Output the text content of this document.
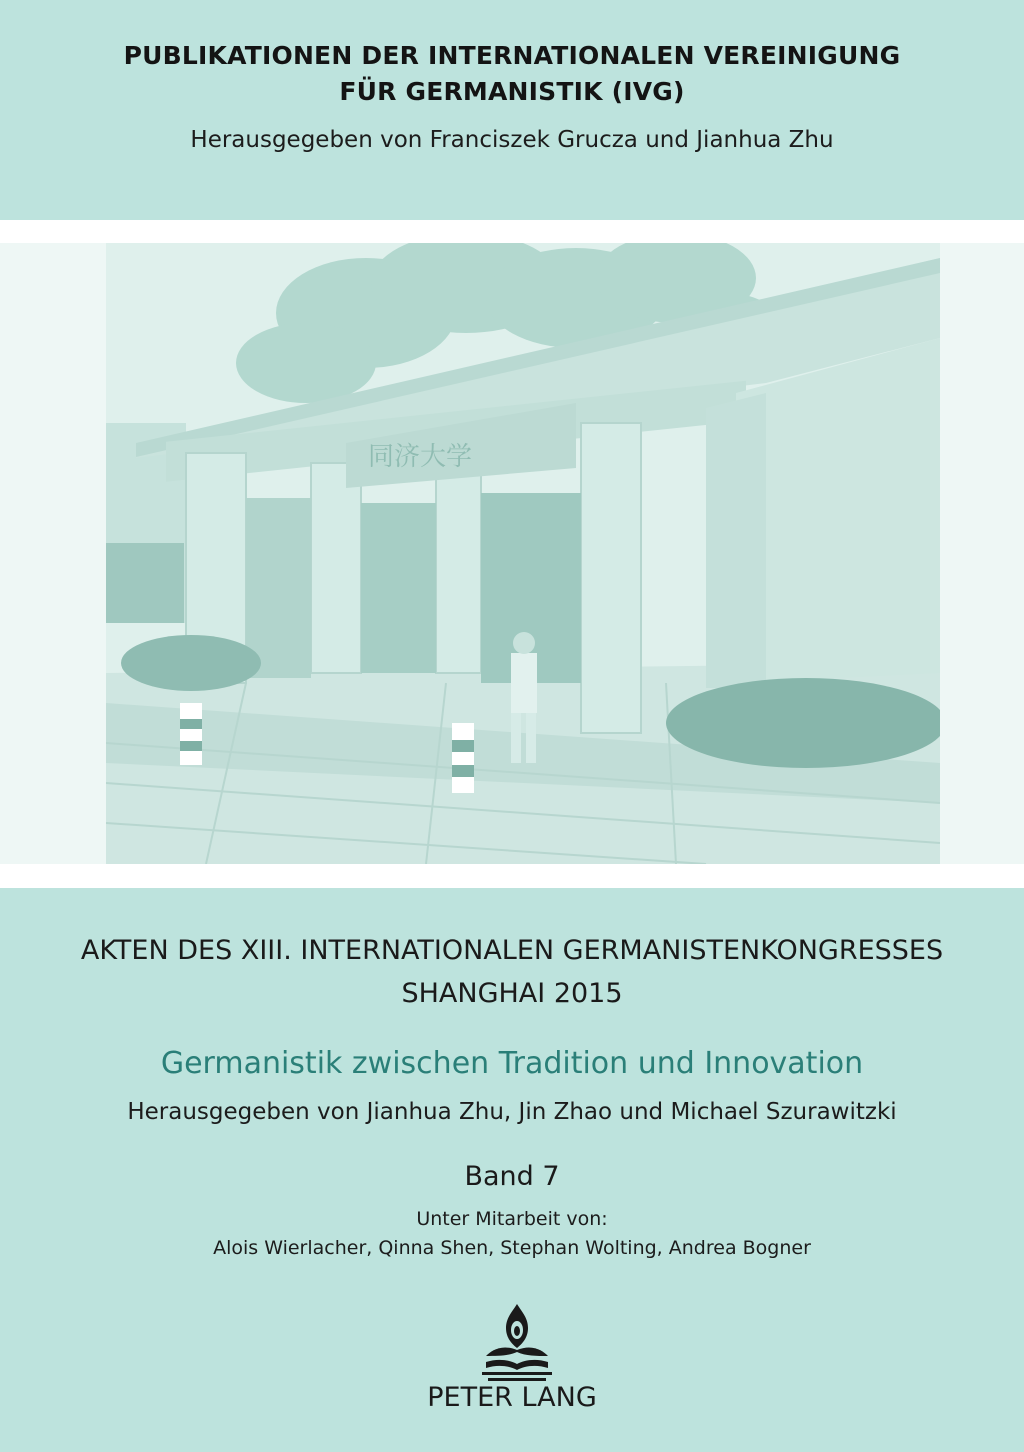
PUBLIKATIONEN DER INTERNATIONALEN VEREINIGUNG
FÜR GERMANISTIK (IVG)
Herausgegeben von Franciszek Grucza und Jianhua Zhu
同济大学
AKTEN DES XIII. INTERNATIONALEN GERMANISTENKONGRESSES
SHANGHAI 2015
Germanistik zwischen Tradition und Innovation
Herausgegeben von Jianhua Zhu, Jin Zhao und Michael Szurawitzki
Band 7
Unter Mitarbeit von:
Alois Wierlacher, Qinna Shen, Stephan Wolting, Andrea Bogner
PETER LANG
